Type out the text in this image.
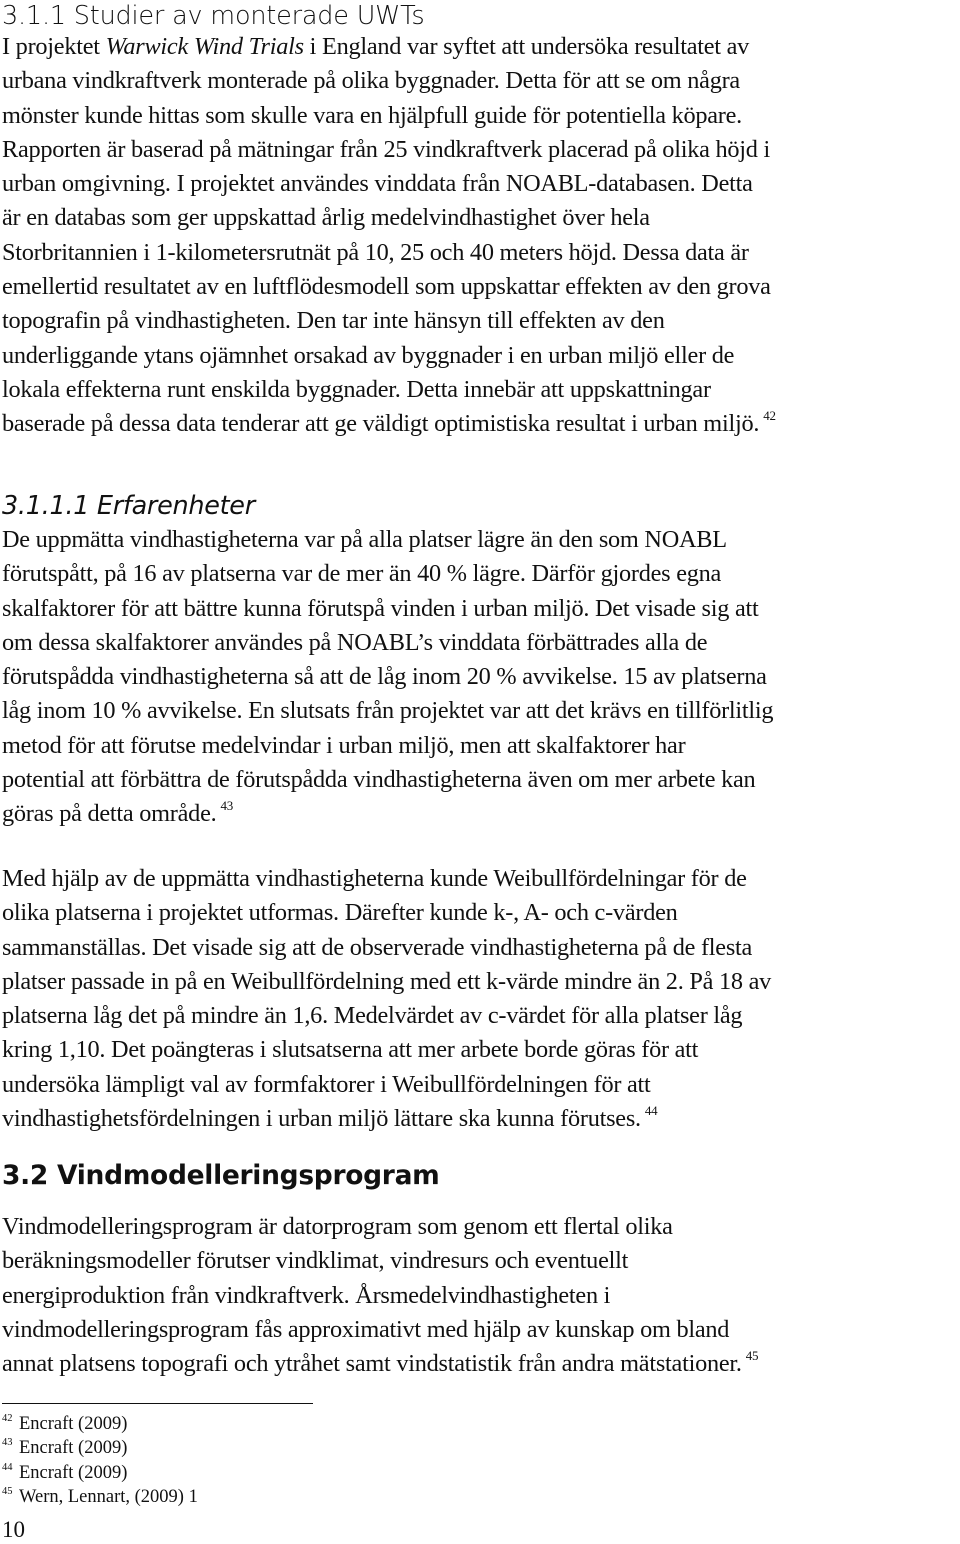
3.1.1 Studier av monterade UWTs
I projektet Warwick Wind Trials i England var syftet att undersöka resultatet av
urbana vindkraftverk monterade på olika byggnader. Detta för att se om några
mönster kunde hittas som skulle vara en hjälpfull guide för potentiella köpare.
Rapporten är baserad på mätningar från 25 vindkraftverk placerad på olika höjd i
urban omgivning. I projektet användes vinddata från NOABL-databasen. Detta
är en databas som ger uppskattad årlig medelvindhastighet över hela
Storbritannien i 1-kilometersrutnät på 10, 25 och 40 meters höjd. Dessa data är
emellertid resultatet av en luftflödesmodell som uppskattar effekten av den grova
topografin på vindhastigheten. Den tar inte hänsyn till effekten av den
underliggande ytans ojämnhet orsakad av byggnader i en urban miljö eller de
lokala effekterna runt enskilda byggnader. Detta innebär att uppskattningar
baserade på dessa data tenderar att ge väldigt optimistiska resultat i urban miljö. $^{42}$
3.1.1.1 Erfarenheter
De uppmätta vindhastigheterna var på alla platser lägre än den som NOABL
förutspått, på 16 av platserna var de mer än 40 % lägre. Därför gjordes egna
skalfaktorer för att bättre kunna förutspå vinden i urban miljö. Det visade sig att
om dessa skalfaktorer användes på NOABL’s vinddata förbättrades alla de
förutspådda vindhastigheterna så att de låg inom 20 % avvikelse. 15 av platserna
låg inom 10 % avvikelse. En slutsats från projektet var att det krävs en tillförlitlig
metod för att förutse medelvindar i urban miljö, men att skalfaktorer har
potential att förbättra de förutspådda vindhastigheterna även om mer arbete kan
göras på detta område. $^{43}$
Med hjälp av de uppmätta vindhastigheterna kunde Weibullfördelningar för de
olika platserna i projektet utformas. Därefter kunde k-, A- och c-värden
sammanställas. Det visade sig att de observerade vindhastigheterna på de flesta
platser passade in på en Weibullfördelning med ett k-värde mindre än 2. På 18 av
platserna låg det på mindre än 1,6. Medelvärdet av c-värdet för alla platser låg
kring 1,10. Det poängteras i slutsatserna att mer arbete borde göras för att
undersöka lämpligt val av formfaktorer i Weibullfördelningen för att
vindhastighetsfördelningen i urban miljö lättare ska kunna förutses. $^{44}$
3.2 Vindmodelleringsprogram
Vindmodelleringsprogram är datorprogram som genom ett flertal olika
beräkningsmodeller förutser vindklimat, vindresurs och eventuellt
energiproduktion från vindkraftverk. Årsmedelvindhastigheten i
vindmodelleringsprogram fås approximativt med hjälp av kunskap om bland
annat platsens topografi och ytråhet samt vindstatistik från andra mätstationer. $^{45}$
$^{42}$ Encraft (2009)
$^{43}$ Encraft (2009)
$^{44}$ Encraft (2009)
$^{45}$ Wern, Lennart, (2009) 1
10
